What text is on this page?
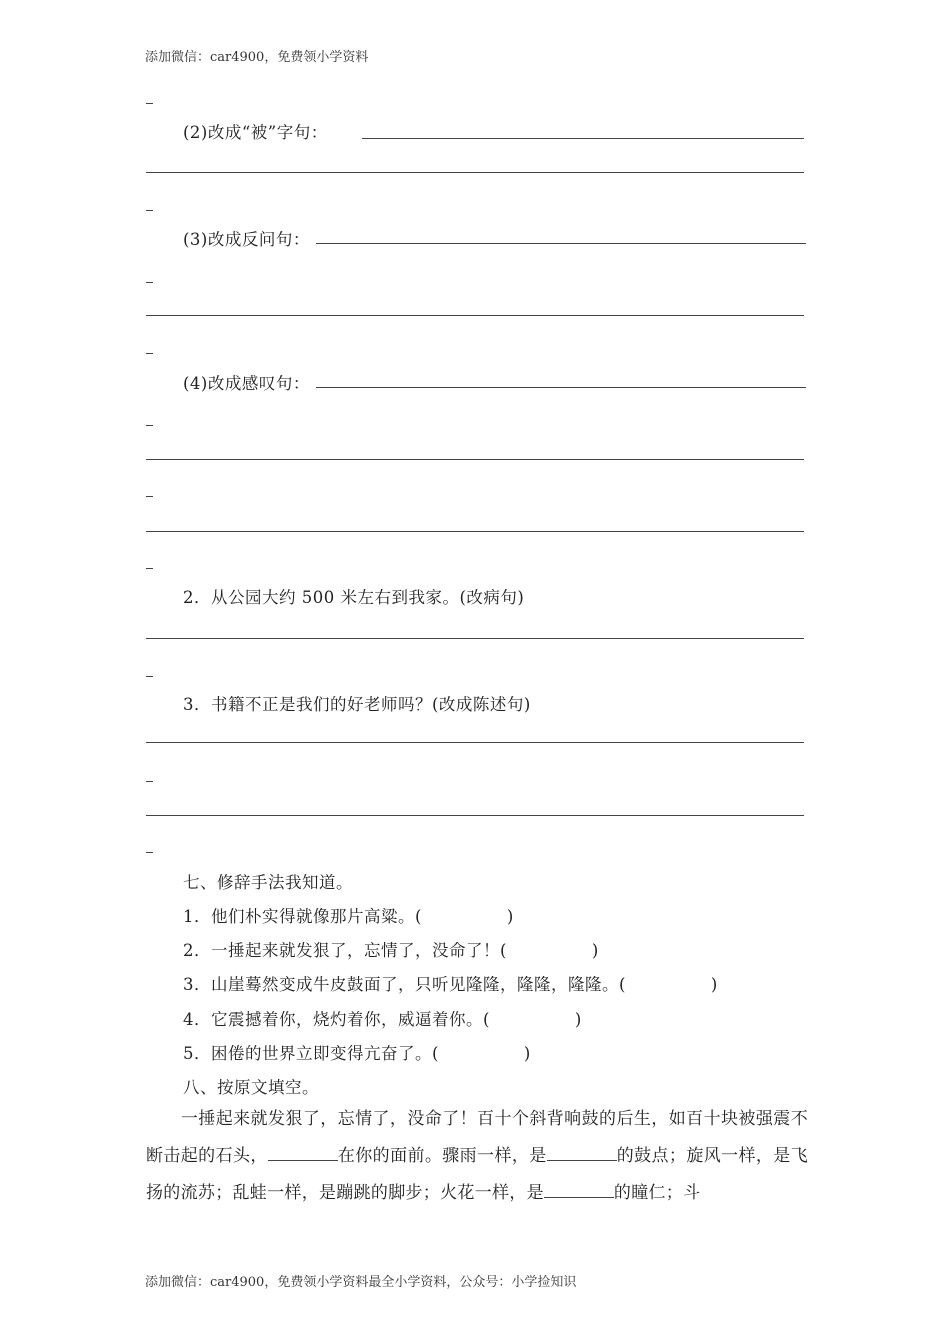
添加微信：car4900，免费领小学资料
(2)改成“被”字句：
(3)改成反问句：
(4)改成感叹句：
2．从公园大约 500 米左右到我家。(改病句)
3．书籍不正是我们的好老师吗？(改成陈述句)
七、修辞手法我知道。
1．他们朴实得就像那片高粱。(　　　　　)
2．一捶起来就发狠了，忘情了，没命了！(　　　　　)
3．山崖蓦然变成牛皮鼓面了，只听见隆隆，隆隆，隆隆。(　　　　　)
4．它震撼着你，烧灼着你，威逼着你。(　　　　　)
5．困倦的世界立即变得亢奋了。(　　　　　)
八、按原文填空。
　　一捶起来就发狠了，忘情了，没命了！百十个斜背响鼓的后生，如百十块被强震不断击起的石头，	在你的面前。骤雨一样，是	的鼓点；旋风一样，是飞扬的流苏；乱蛙一样，是蹦跳的脚步；火花一样，是	的瞳仁；斗
添加微信：car4900，免费领小学资料最全小学资料，公众号：小学捡知识
